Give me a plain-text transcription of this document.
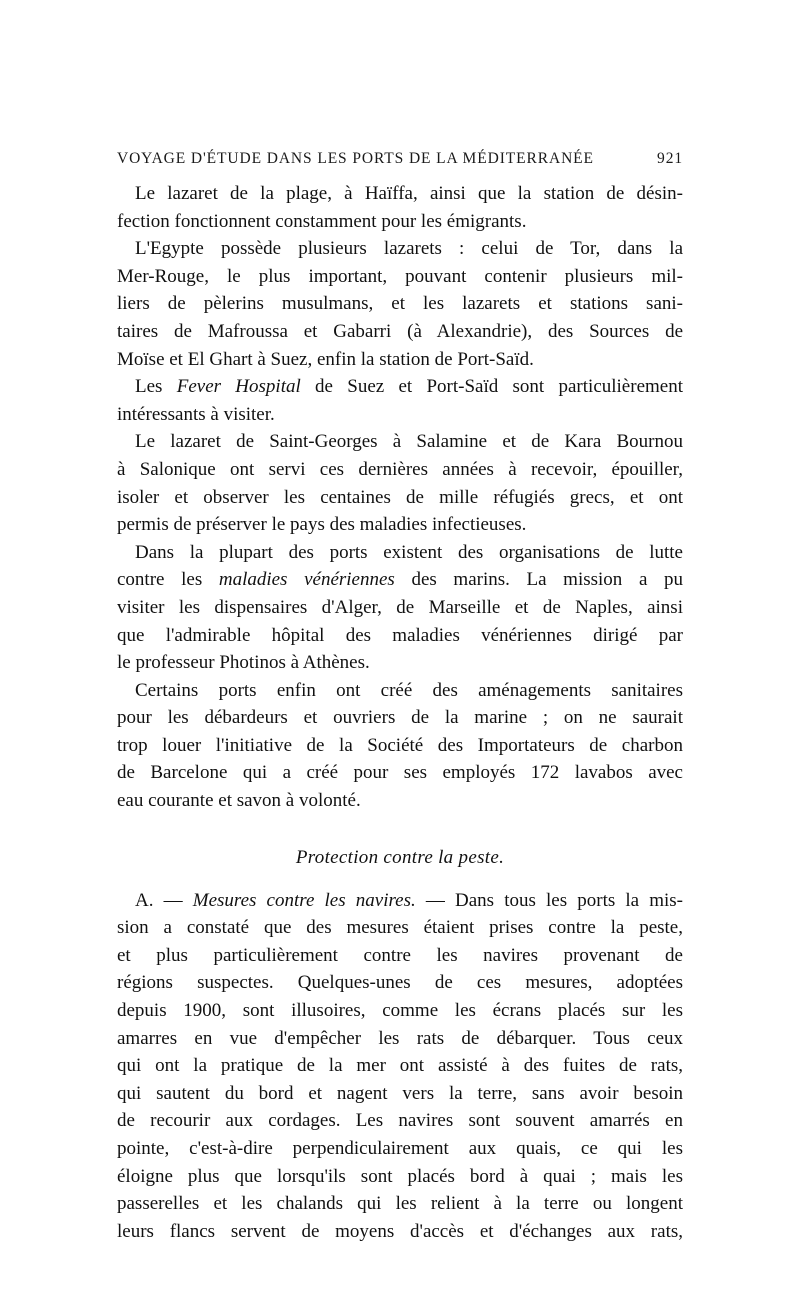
VOYAGE D'ÉTUDE DANS LES PORTS DE LA MÉDITERRANÉE	921
Le lazaret de la plage, à Haïffa, ainsi que la station de désin-
fection fonctionnent constamment pour les émigrants.
L'Egypte possède plusieurs lazarets : celui de Tor, dans la
Mer-Rouge, le plus important, pouvant contenir plusieurs mil-
liers de pèlerins musulmans, et les lazarets et stations sani-
taires de Mafroussa et Gabarri (à Alexandrie), des Sources de
Moïse et El Ghart à Suez, enfin la station de Port-Saïd.
Les Fever Hospital de Suez et Port-Saïd sont particulièrement
intéressants à visiter.
Le lazaret de Saint-Georges à Salamine et de Kara Bournou
à Salonique ont servi ces dernières années à recevoir, épouiller,
isoler et observer les centaines de mille réfugiés grecs, et ont
permis de préserver le pays des maladies infectieuses.
Dans la plupart des ports existent des organisations de lutte
contre les maladies vénériennes des marins. La mission a pu
visiter les dispensaires d'Alger, de Marseille et de Naples, ainsi
que l'admirable hôpital des maladies vénériennes dirigé par
le professeur Photinos à Athènes.
Certains ports enfin ont créé des aménagements sanitaires
pour les débardeurs et ouvriers de la marine ; on ne saurait
trop louer l'initiative de la Société des Importateurs de charbon
de Barcelone qui a créé pour ses employés 172 lavabos avec
eau courante et savon à volonté.
Protection contre la peste.
A. — Mesures contre les navires. — Dans tous les ports la mis-
sion a constaté que des mesures étaient prises contre la peste,
et plus particulièrement contre les navires provenant de
régions suspectes. Quelques-unes de ces mesures, adoptées
depuis 1900, sont illusoires, comme les écrans placés sur les
amarres en vue d'empêcher les rats de débarquer. Tous ceux
qui ont la pratique de la mer ont assisté à des fuites de rats,
qui sautent du bord et nagent vers la terre, sans avoir besoin
de recourir aux cordages. Les navires sont souvent amarrés en
pointe, c'est-à-dire perpendiculairement aux quais, ce qui les
éloigne plus que lorsqu'ils sont placés bord à quai ; mais les
passerelles et les chalands qui les relient à la terre ou longent
leurs flancs servent de moyens d'accès et d'échanges aux rats,
